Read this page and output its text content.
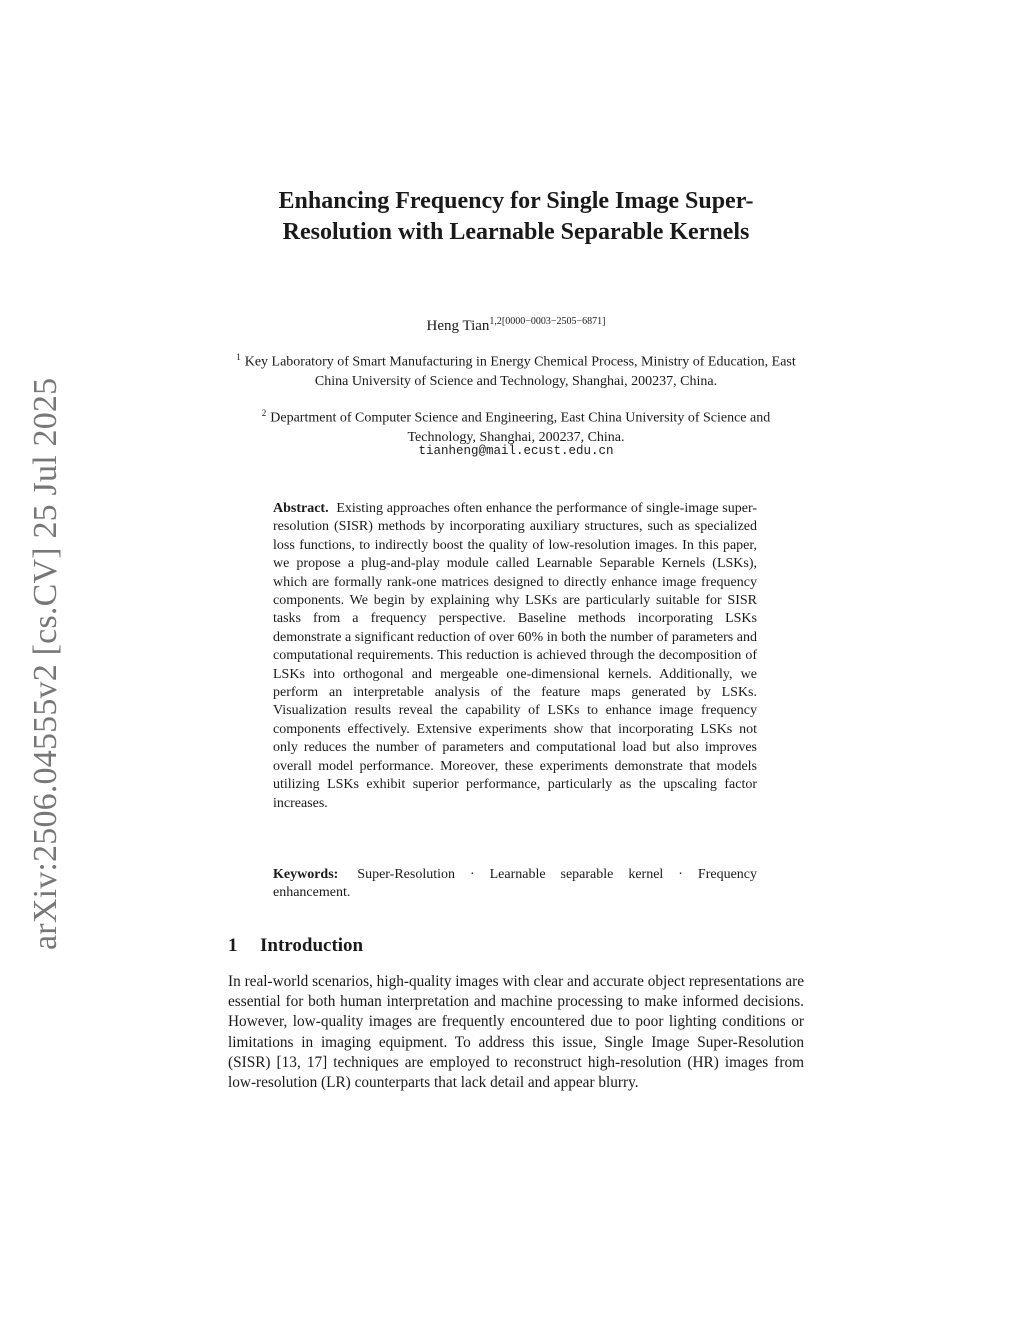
arXiv:2506.04555v2 [cs.CV] 25 Jul 2025
Enhancing Frequency for Single Image Super-Resolution with Learnable Separable Kernels
Heng Tian$^{1,2[0000-0003-2505-6871]}$
$^1$ Key Laboratory of Smart Manufacturing in Energy Chemical Process, Ministry of Education, East China University of Science and Technology, Shanghai, 200237, China.
$^2$ Department of Computer Science and Engineering, East China University of Science and Technology, Shanghai, 200237, China.
tianheng@mail.ecust.edu.cn

Abstract. Existing approaches often enhance the performance of single-image super-resolution (SISR) methods by incorporating auxiliary structures, such as specialized loss functions, to indirectly boost the quality of low-resolution images. In this paper, we propose a plug-and-play module called Learnable Separable Kernels (LSKs), which are formally rank-one matrices designed to directly enhance image frequency components. We begin by explaining why LSKs are particularly suitable for SISR tasks from a frequency perspective. Baseline methods incorporating LSKs demonstrate a significant reduction of over 60% in both the number of parameters and computational requirements. This reduction is achieved through the decomposition of LSKs into orthogonal and mergeable one-dimensional kernels. Additionally, we perform an interpretable analysis of the feature maps generated by LSKs. Visualization results reveal the capability of LSKs to enhance image frequency components effectively. Extensive experiments show that incorporating LSKs not only reduces the number of parameters and computational load but also improves overall model performance. Moreover, these experiments demonstrate that models utilizing LSKs exhibit superior performance, particularly as the upscaling factor increases.

Keywords: Super-Resolution · Learnable separable kernel · Frequency enhancement.

1 Introduction

In real-world scenarios, high-quality images with clear and accurate object representations are essential for both human interpretation and machine processing to make informed decisions. However, low-quality images are frequently encountered due to poor lighting conditions or limitations in imaging equipment. To address this issue, Single Image Super-Resolution (SISR) [13, 17] techniques are employed to reconstruct high-resolution (HR) images from low-resolution (LR) counterparts that lack detail and appear blurry.
